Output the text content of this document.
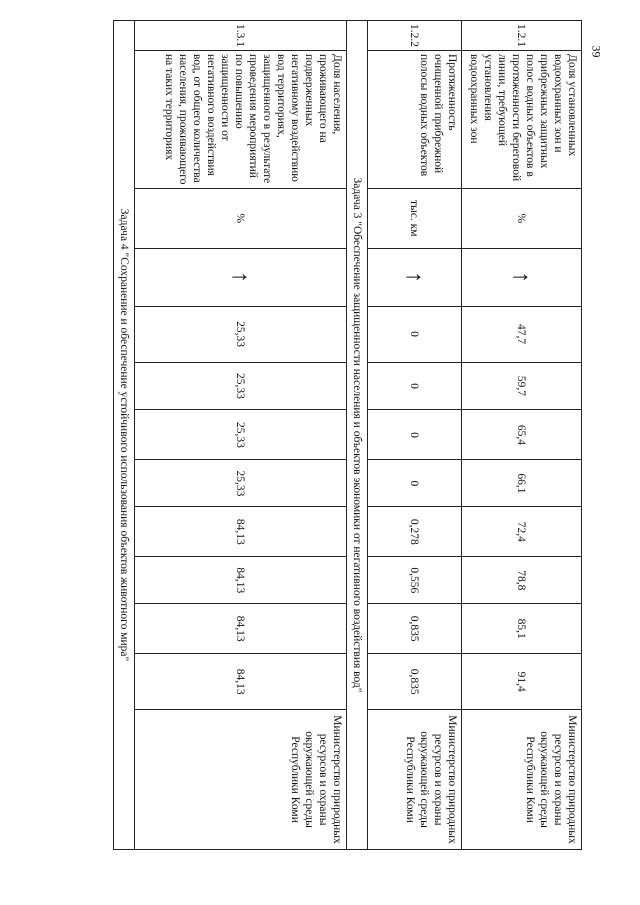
39
1.2.1	Доля установленных водоохранных зон и прибрежных защитных полос водных объектов в протяженности береговой линии, требующей установления водоохранных зон	%	↑	47,7	59,7	65,4	66,1	72,4	78,8	85,1	91,4	Министерство природных ресурсов и охраны окружающей среды Республики Коми
1.2.2	Протяженность очищенной прибрежной полосы водных объектов	тыс. км	↑	0	0	0	0	0,278	0,556	0,835	0,835	Министерство природных ресурсов и охраны окружающей среды Республики Коми
Задача 3 "Обеспечение защищенности населения и объектов экономики от негативного воздействия вод"												
1.3.1	Доля населения, проживающего на подверженных негативному воздействию вод территориях, защищенного в результате проведения мероприятий по повышению защищенности от негативного воздействия вод, от общего количества населения, проживающего на таких территориях	%	↑	25,33	25,33	25,33	25,33	84,13	84,13	84,13	84,13	Министерство природных ресурсов и охраны окружающей среды Республики Коми
Задача 4 "Сохранение и обеспечение устойчивого использования объектов животного мира"												
